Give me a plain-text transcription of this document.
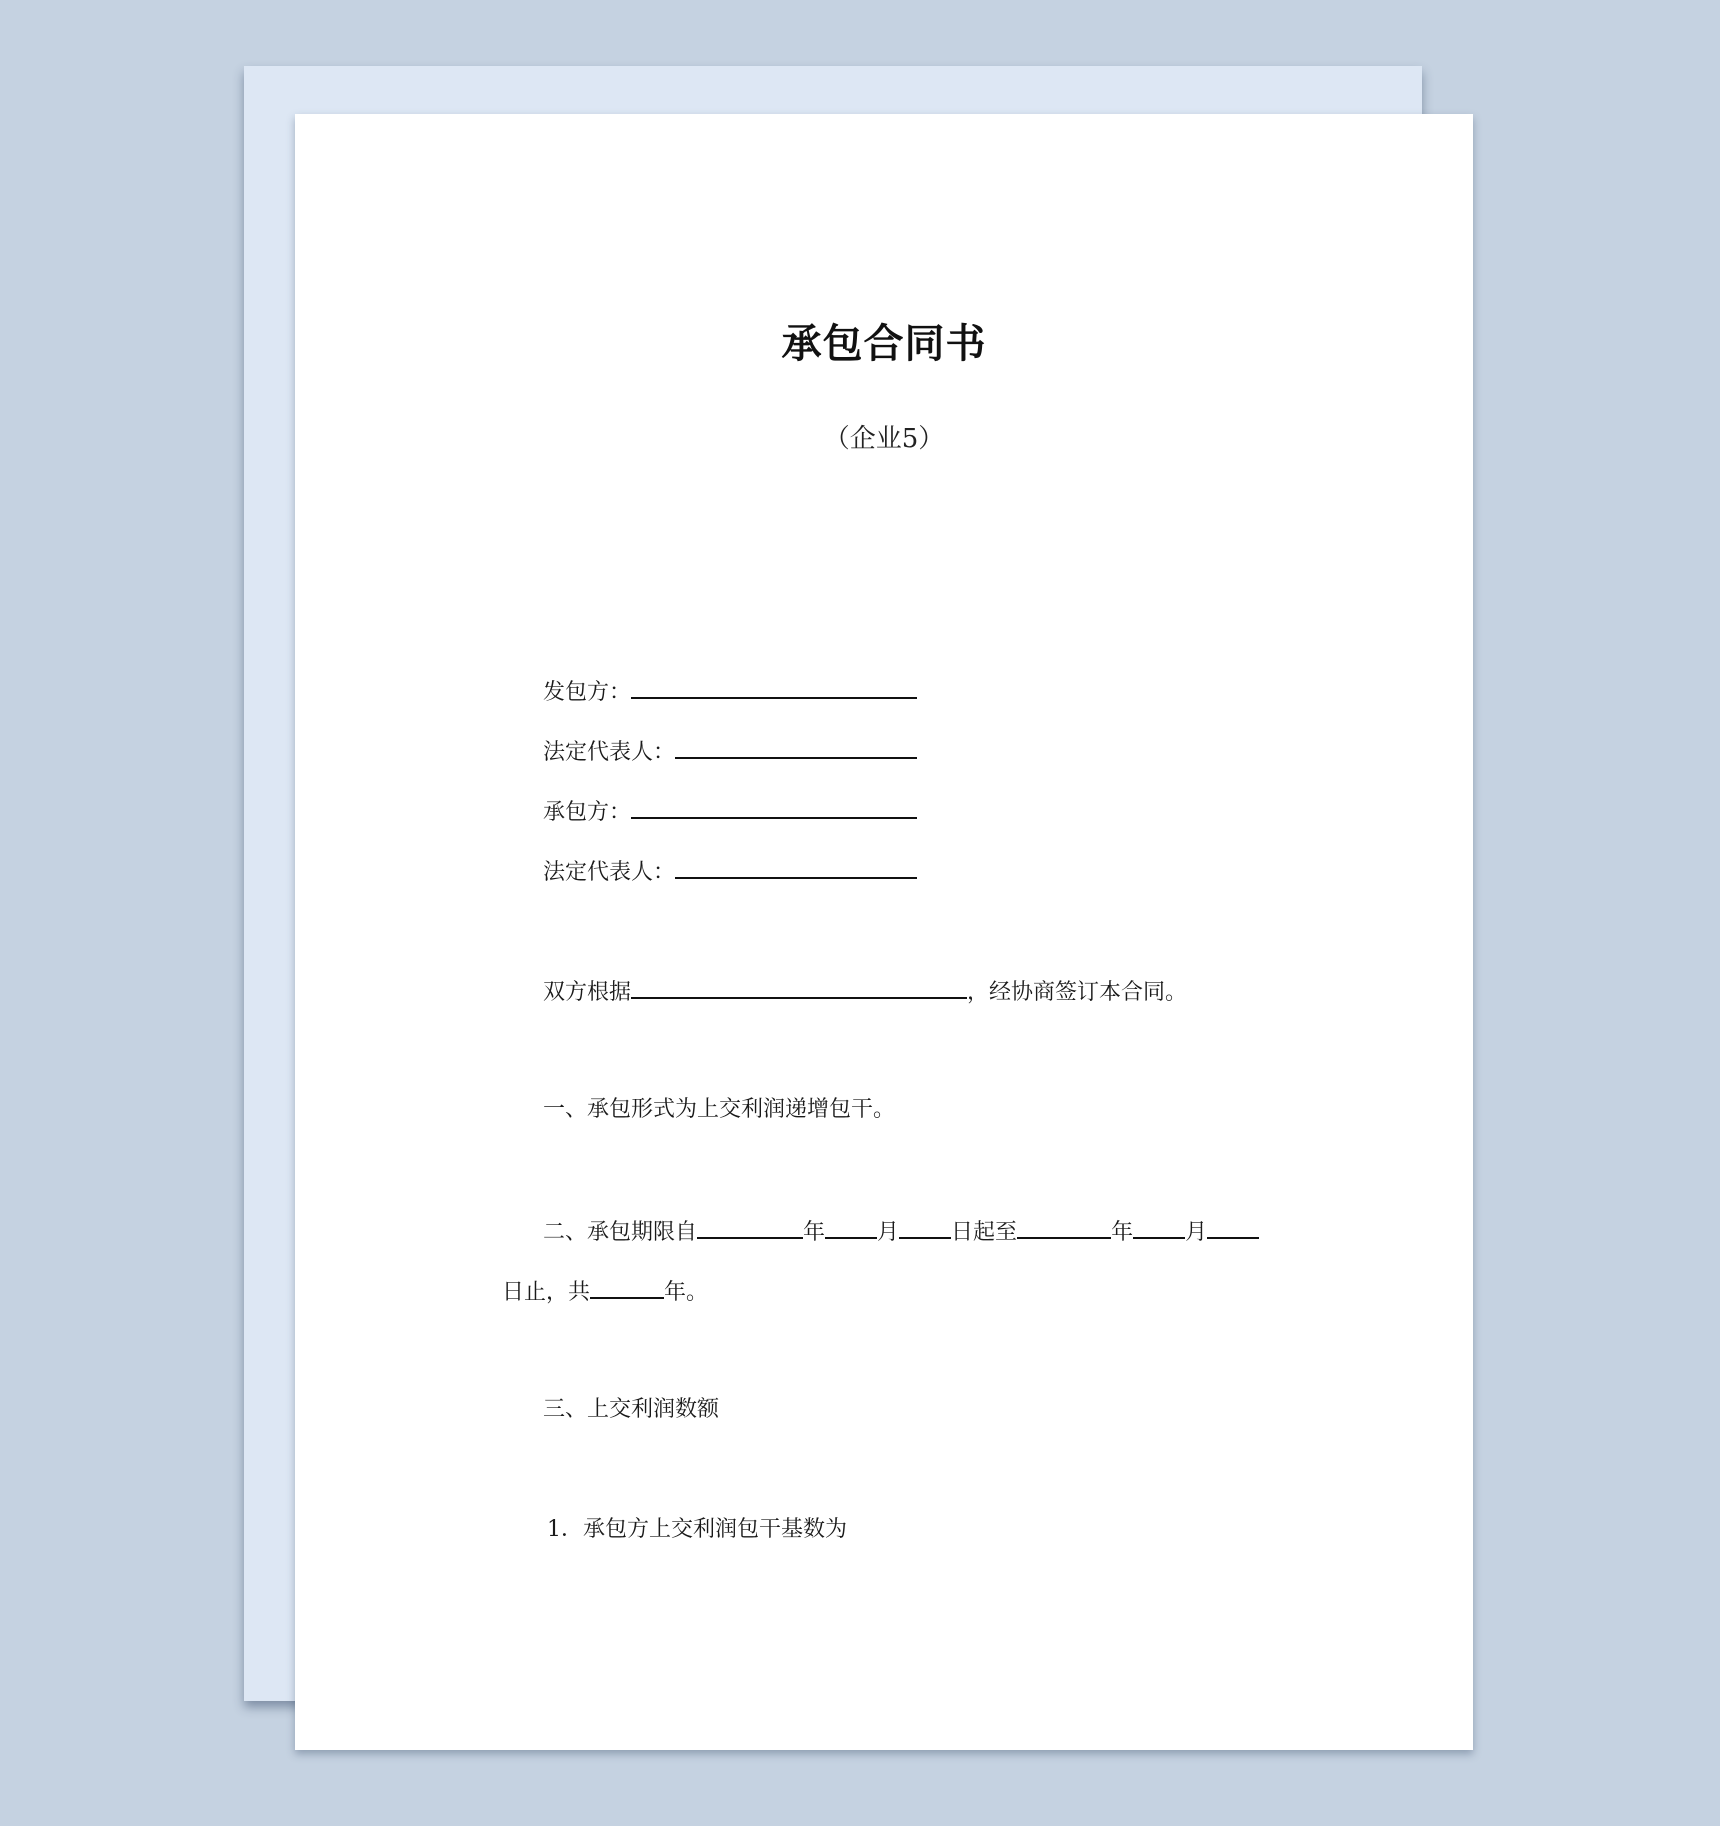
承包合同书
（企业5）
发包方：
法定代表人：
承包方：
法定代表人：
双方根据	，经协商签订本合同。
一、承包形式为上交利润递增包干。
二、承包期限自	年 月 日起至	年 月
日止，共	年。
三、上交利润数额
1．承包方上交利润包干基数为
